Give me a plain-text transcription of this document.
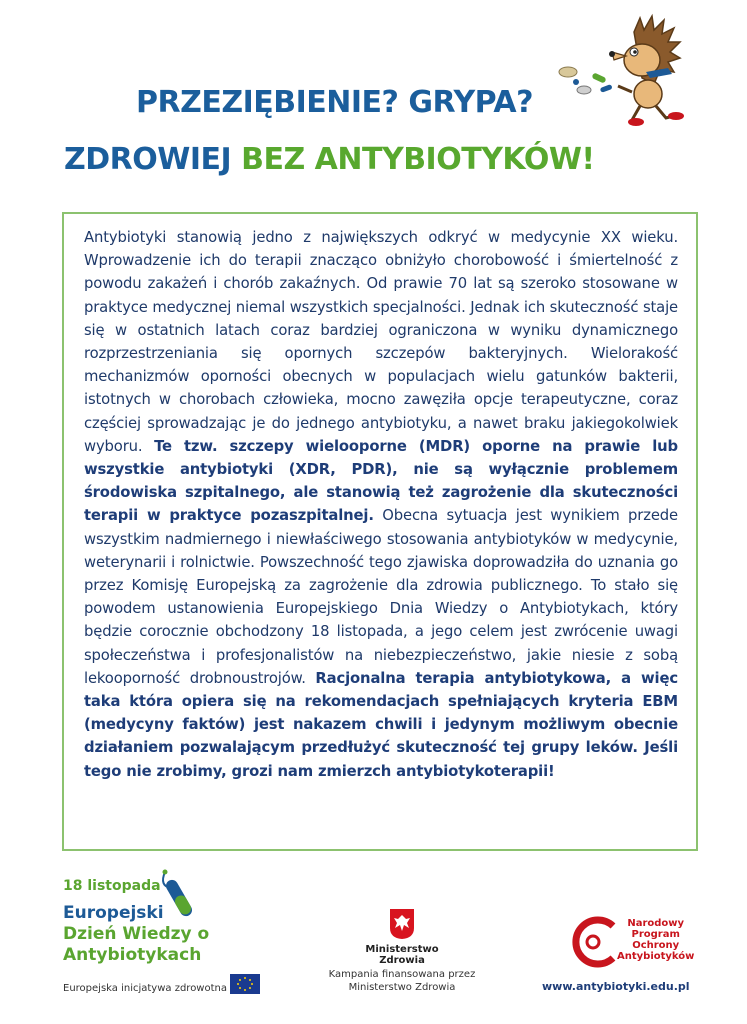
PRZEZIĘBIENIE? GRYPA?
ZDROWIEJ BEZ ANTYBIOTYKÓW!

Antybiotyki stanowią jedno z największych odkryć w medycynie XX wieku. Wprowadzenie ich do terapii znacząco obniżyło chorobowość i śmiertelność z powodu zakażeń i chorób zakaźnych. Od prawie 70 lat są szeroko stosowane w praktyce medycznej niemal wszystkich specjalności. Jednak ich skuteczność staje się w ostatnich latach coraz bardziej ograniczona w wyniku dynamicznego rozprzestrzeniania się opornych szczepów bakteryjnych. Wielorakość mechanizmów oporności obecnych w populacjach wielu gatunków bakterii, istotnych w chorobach człowieka, mocno zawęziła opcje terapeutyczne, coraz częściej sprowadzając je do jednego antybiotyku, a nawet braku jakiegokolwiek wyboru. Te tzw. szczepy wielooporne (MDR) oporne na prawie lub wszystkie antybiotyki (XDR, PDR), nie są wyłącznie problemem środowiska szpitalnego, ale stanowią też zagrożenie dla skuteczności terapii w praktyce pozaszpitalnej. Obecna sytuacja jest wynikiem przede wszystkim nadmiernego i niewłaściwego stosowania antybiotyków w medycynie, weterynarii i rolnictwie. Powszechność tego zjawiska doprowadziła do uznania go przez Komisję Europejską za zagrożenie dla zdrowia publicznego. To stało się powodem ustanowienia Europejskiego Dnia Wiedzy o Antybiotykach, który będzie corocznie obchodzony 18 listopada, a jego celem jest zwrócenie uwagi społeczeństwa i profesjonalistów na niebezpieczeństwo, jakie niesie z sobą lekooporność drobnoustrojów. Racjonalna terapia antybiotykowa, a więc taka która opiera się na rekomendacjach spełniających kryteria EBM (medycyny faktów) jest nakazem chwili i jedynym możliwym obecnie działaniem pozwalającym przedłużyć skuteczność tej grupy leków. Jeśli tego nie zrobimy, grozi nam zmierzch antybiotykoterapii!

18 listopada
Europejski
Dzień Wiedzy o
Antybiotykach
Europejska inicjatywa zdrowotna
Ministerstwo Zdrowia
Kampania finansowana przez
Ministerstwo Zdrowia
Narodowy
Program
Ochrony
Antybiotyków
www.antybiotyki.edu.pl
